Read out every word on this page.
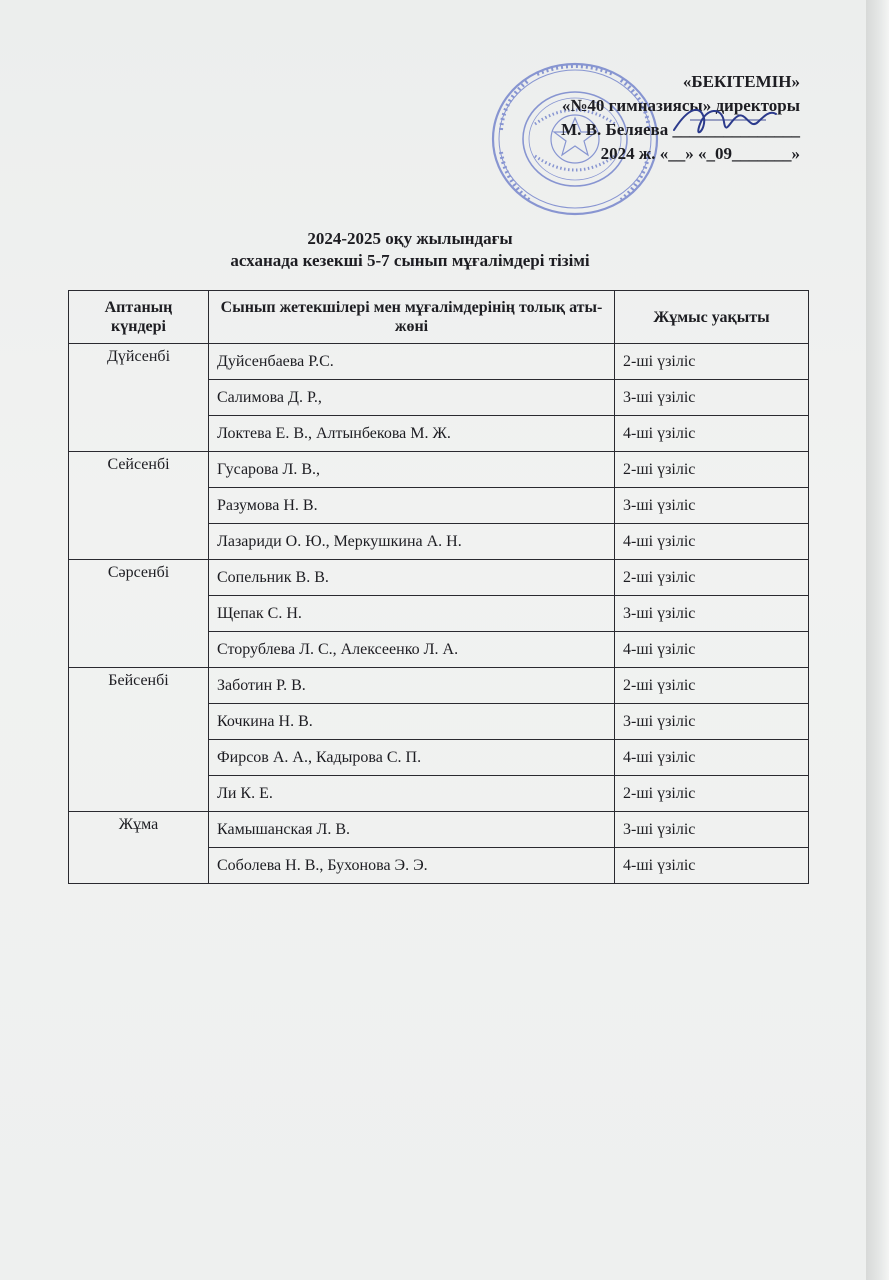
«БЕКІТЕМІН»
«№40 гимназиясы» директоры
М. В. Беляева _______________
2024 ж. «__» «_09_______»
2024-2025 оқу жылындағы
асханада кезекші 5-7 сынып мұғалімдері тізімі
Аптаның күндері	Сынып жетекшілері мен мұғалімдерінің толық аты-жөні	Жұмыс уақыты
Дүйсенбі	Дуйсенбаева Р.С.	2-ші үзіліс
	Салимова Д. Р.,	3-ші үзіліс
	Локтева Е. В., Алтынбекова М. Ж.	4-ші үзіліс
Сейсенбі	Гусарова Л. В.,	2-ші үзіліс
	Разумова Н. В.	3-ші үзіліс
	Лазариди О. Ю., Меркушкина А. Н.	4-ші үзіліс
Сәрсенбі	Сопельник В. В.	2-ші үзіліс
	Щепак С. Н.	3-ші үзіліс
	Сторублева Л. С., Алексеенко Л. А.	4-ші үзіліс
Бейсенбі	Заботин Р. В.	2-ші үзіліс
	Кочкина Н. В.	3-ші үзіліс
	Фирсов А. А., Кадырова С. П.	4-ші үзіліс
	Ли К. Е.	2-ші үзіліс
Жұма	Камышанская Л. В.	3-ші үзіліс
	Соболева Н. В., Бухонова Э. Э.	4-ші үзіліс
